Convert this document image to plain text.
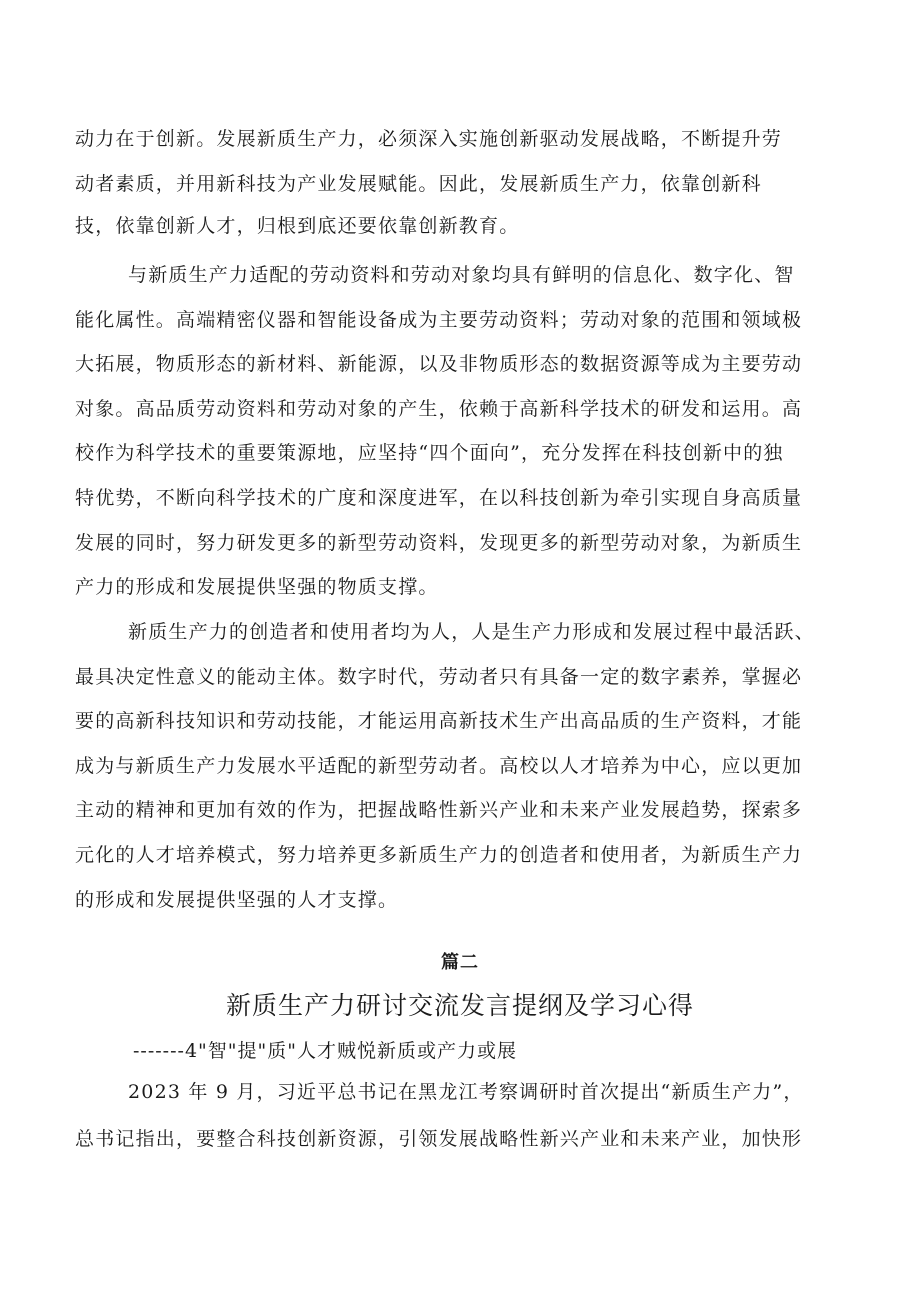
动力在于创新。发展新质生产力，必须深入实施创新驱动发展战略，不断提升劳
动者素质，并用新科技为产业发展赋能。因此，发展新质生产力，依靠创新科
技，依靠创新人才，归根到底还要依靠创新教育。
与新质生产力适配的劳动资料和劳动对象均具有鲜明的信息化、数字化、智
能化属性。高端精密仪器和智能设备成为主要劳动资料；劳动对象的范围和领域极
大拓展，物质形态的新材料、新能源，以及非物质形态的数据资源等成为主要劳动
对象。高品质劳动资料和劳动对象的产生，依赖于高新科学技术的研发和运用。高
校作为科学技术的重要策源地，应坚持“四个面向”，充分发挥在科技创新中的独
特优势，不断向科学技术的广度和深度进军，在以科技创新为牵引实现自身高质量
发展的同时，努力研发更多的新型劳动资料，发现更多的新型劳动对象，为新质生
产力的形成和发展提供坚强的物质支撑。
新质生产力的创造者和使用者均为人，人是生产力形成和发展过程中最活跃、
最具决定性意义的能动主体。数字时代，劳动者只有具备一定的数字素养，掌握必
要的高新科技知识和劳动技能，才能运用高新技术生产出高品质的生产资料，才能
成为与新质生产力发展水平适配的新型劳动者。高校以人才培养为中心，应以更加
主动的精神和更加有效的作为，把握战略性新兴产业和未来产业发展趋势，探索多
元化的人才培养模式，努力培养更多新质生产力的创造者和使用者，为新质生产力
的形成和发展提供坚强的人才支撑。
篇二
新质生产力研讨交流发言提纲及学习心得
-------4"智"提"质"人才贼悦新质或产力或展
2023 年 9 月，习近平总书记在黑龙江考察调研时首次提出“新质生产力”，
总书记指出，要整合科技创新资源，引领发展战略性新兴产业和未来产业，加快形
